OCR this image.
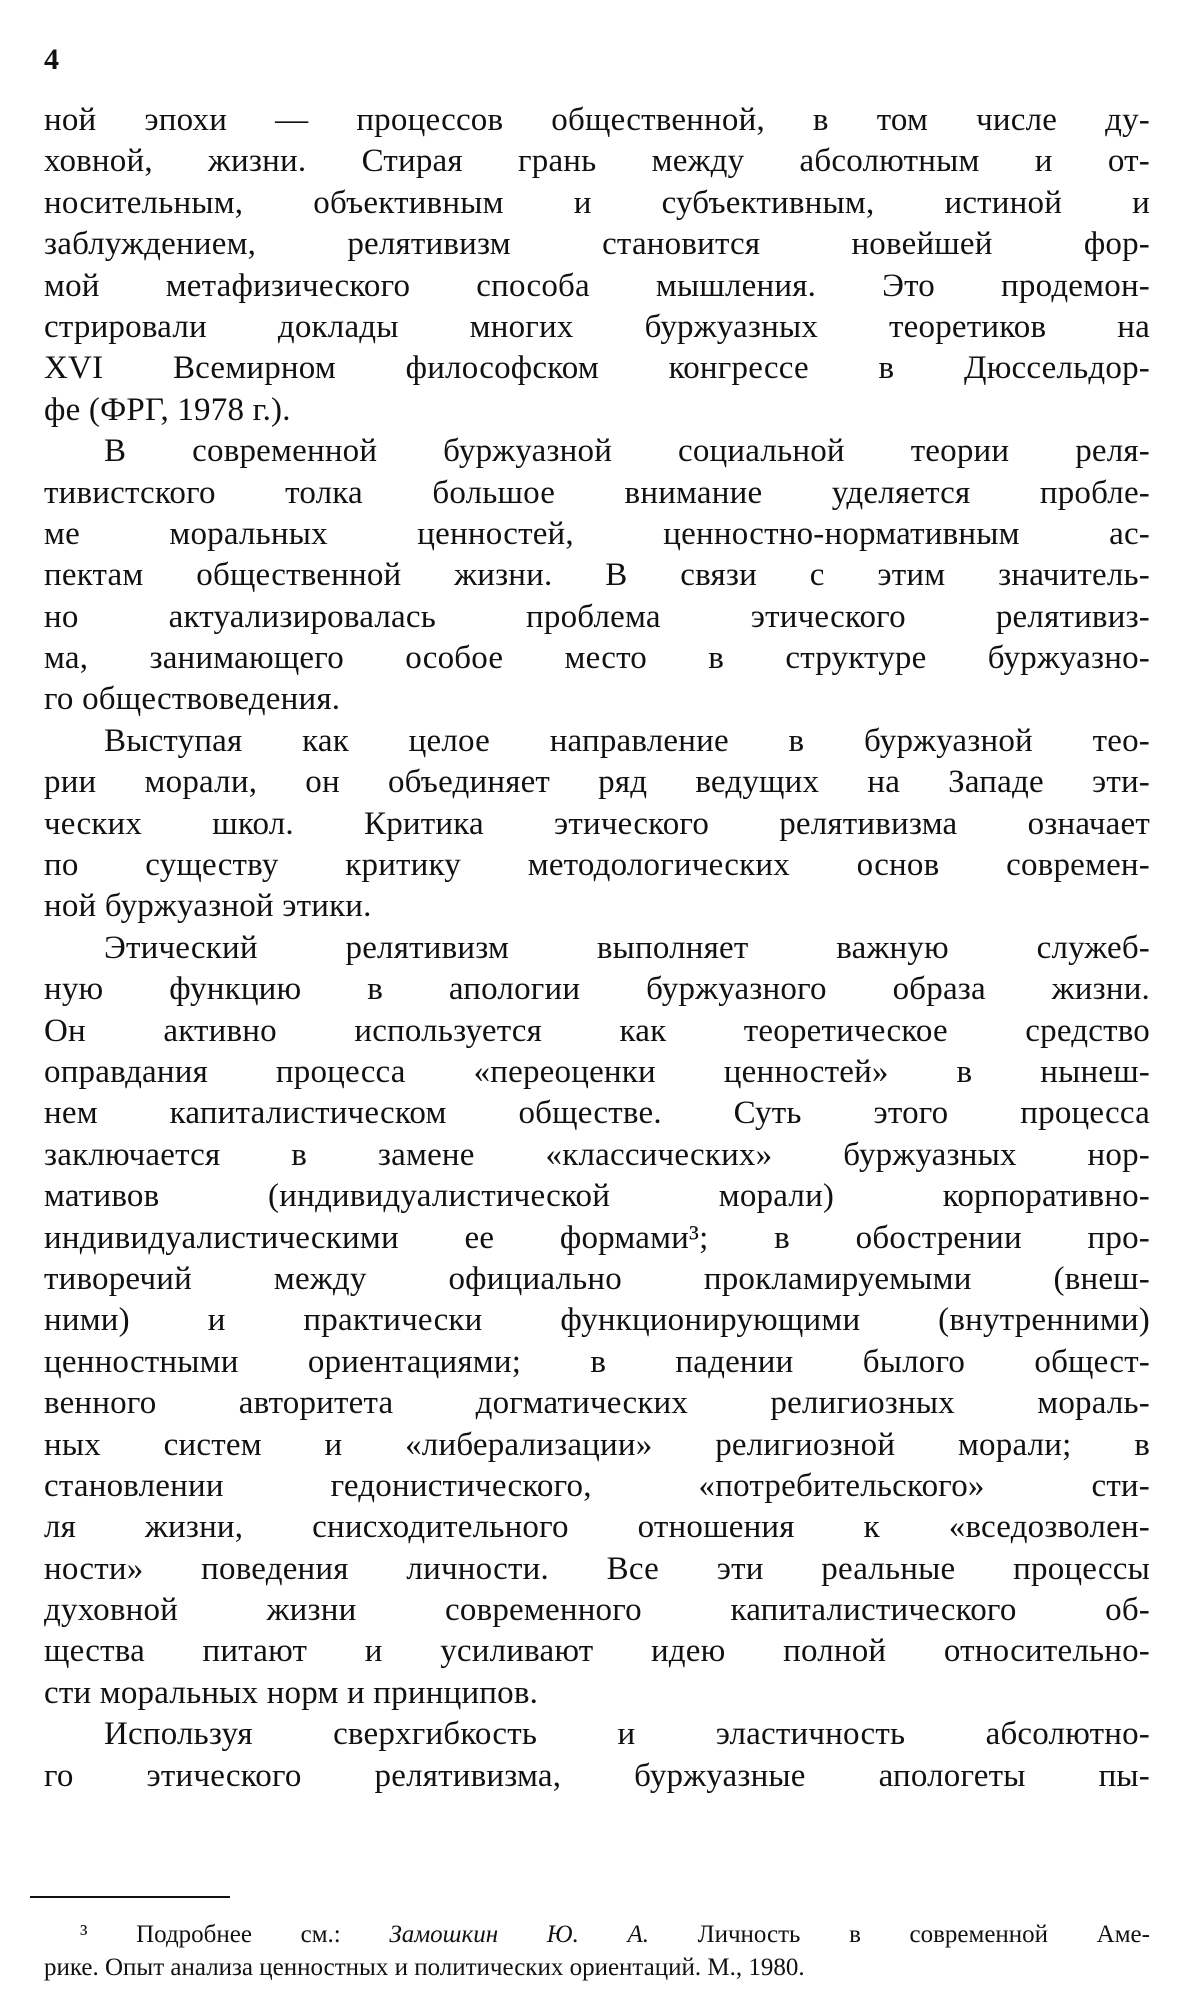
4
ной эпохи — процессов общественной, в том числе ду-
ховной, жизни. Стирая грань между абсолютным и от-
носительным, объективным и субъективным, истиной и
заблуждением, релятивизм становится новейшей фор-
мой метафизического способа мышления. Это продемон-
стрировали доклады многих буржуазных теоретиков на
XVI Всемирном философском конгрессе в Дюссельдор-
фе (ФРГ, 1978 г.).
В современной буржуазной социальной теории реля-
тивистского толка большое внимание уделяется пробле-
ме моральных ценностей, ценностно-нормативным ас-
пектам общественной жизни. В связи с этим значитель-
но актуализировалась проблема этического релятивиз-
ма, занимающего особое место в структуре буржуазно-
го обществоведения.
Выступая как целое направление в буржуазной тео-
рии морали, он объединяет ряд ведущих на Западе эти-
ческих школ. Критика этического релятивизма означает
по существу критику методологических основ современ-
ной буржуазной этики.
Этический релятивизм выполняет важную служеб-
ную функцию в апологии буржуазного образа жизни.
Он активно используется как теоретическое средство
оправдания процесса «переоценки ценностей» в нынеш-
нем капиталистическом обществе. Суть этого процесса
заключается в замене «классических» буржуазных нор-
мативов (индивидуалистической морали) корпоративно-
индивидуалистическими ее формами³; в обострении про-
тиворечий между официально прокламируемыми (внеш-
ними) и практически функционирующими (внутренними)
ценностными ориентациями; в падении былого общест-
венного авторитета догматических религиозных мораль-
ных систем и «либерализации» религиозной морали; в
становлении гедонистического, «потребительского» сти-
ля жизни, снисходительного отношения к «вседозволен-
ности» поведения личности. Все эти реальные процессы
духовной жизни современного капиталистического об-
щества питают и усиливают идею полной относительно-
сти моральных норм и принципов.
Используя сверхгибкость и эластичность абсолютно-
го этического релятивизма, буржуазные апологеты пы-
³ Подробнее см.: Замошкин Ю. А. Личность в современной Аме-
рике. Опыт анализа ценностных и политических ориентаций. М., 1980.
